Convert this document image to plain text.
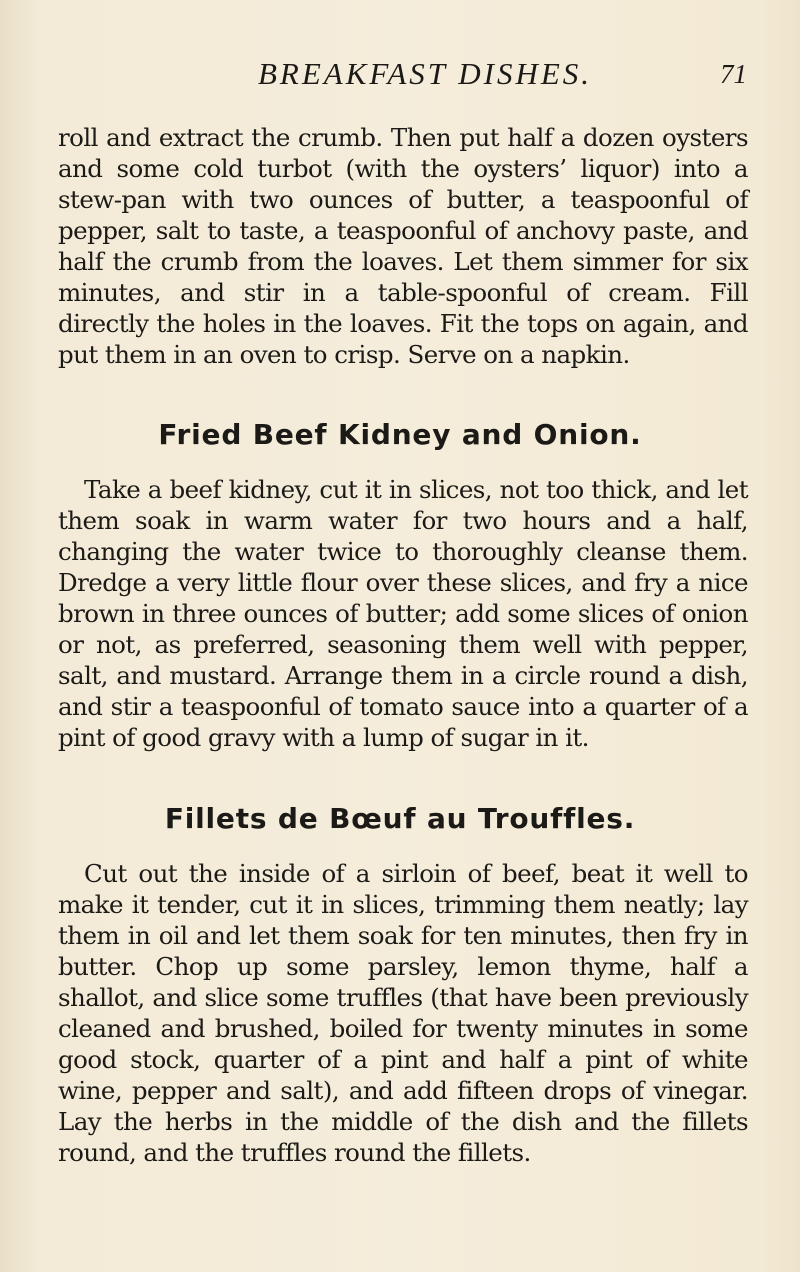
BREAKFAST DISHES.	71

roll and extract the crumb. Then put half a dozen oysters and some cold turbot (with the oysters’ liquor) into a stew-pan with two ounces of butter, a teaspoonful of pepper, salt to taste, a teaspoonful of anchovy paste, and half the crumb from the loaves. Let them simmer for six minutes, and stir in a table-spoonful of cream. Fill directly the holes in the loaves. Fit the tops on again, and put them in an oven to crisp. Serve on a napkin.

Fried Beef Kidney and Onion.

Take a beef kidney, cut it in slices, not too thick, and let them soak in warm water for two hours and a half, changing the water twice to thoroughly cleanse them. Dredge a very little flour over these slices, and fry a nice brown in three ounces of butter; add some slices of onion or not, as preferred, seasoning them well with pepper, salt, and mustard. Arrange them in a circle round a dish, and stir a teaspoonful of tomato sauce into a quarter of a pint of good gravy with a lump of sugar in it.

Fillets de Bœuf au Trouffles.

Cut out the inside of a sirloin of beef, beat it well to make it tender, cut it in slices, trimming them neatly; lay them in oil and let them soak for ten minutes, then fry in butter. Chop up some parsley, lemon thyme, half a shallot, and slice some truffles (that have been previously cleaned and brushed, boiled for twenty minutes in some good stock, quarter of a pint and half a pint of white wine, pepper and salt), and add fifteen drops of vinegar. Lay the herbs in the middle of the dish and the fillets round, and the truffles round the fillets.
